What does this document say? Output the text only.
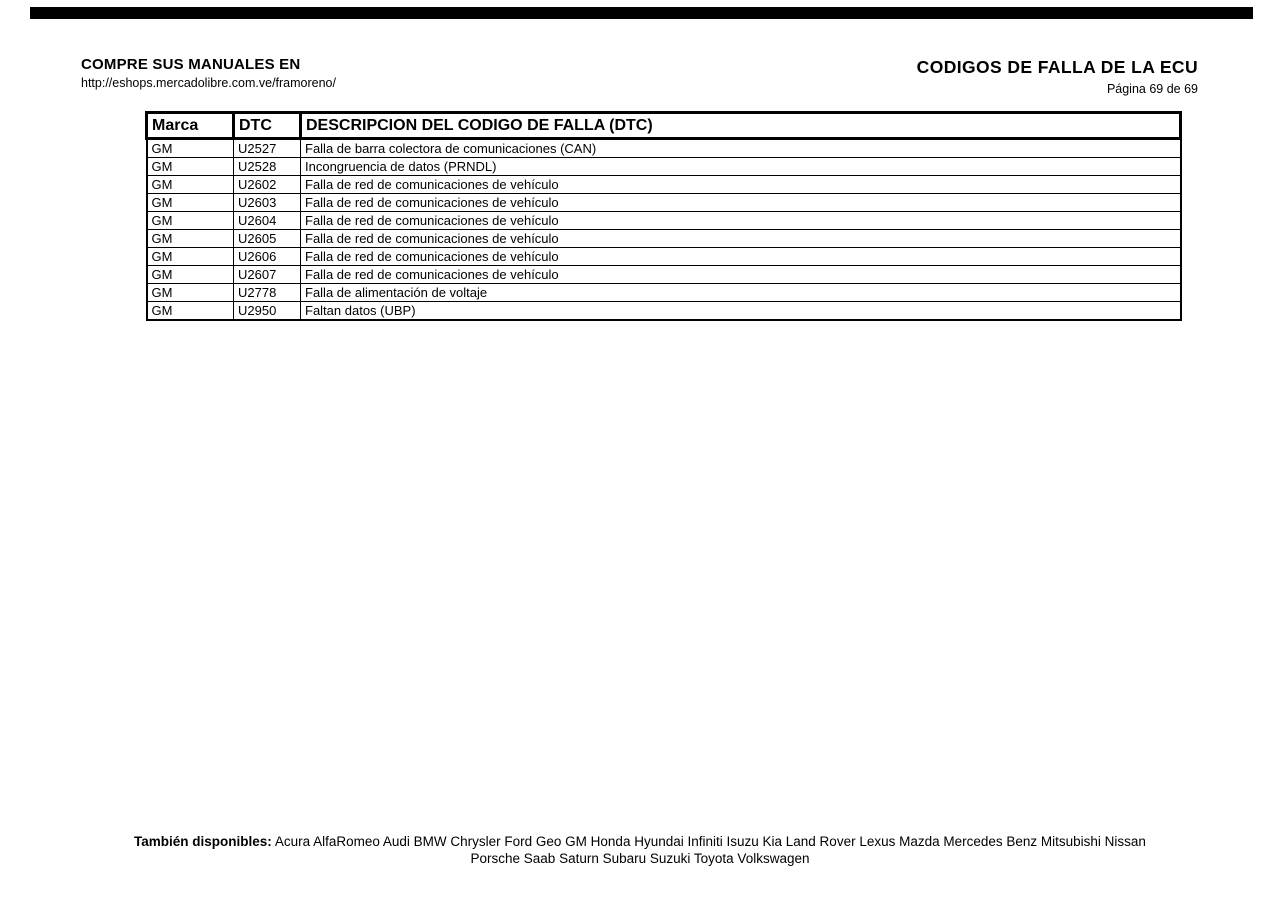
COMPRE SUS MANUALES EN
http://eshops.mercadolibre.com.ve/framoreno/
CODIGOS DE FALLA DE LA ECU
Página 69 de 69
Marca	DTC	DESCRIPCION DEL CODIGO DE FALLA (DTC)
GM	U2527	Falla de barra colectora de comunicaciones (CAN)
GM	U2528	Incongruencia de datos (PRNDL)
GM	U2602	Falla de red de comunicaciones de vehículo
GM	U2603	Falla de red de comunicaciones de vehículo
GM	U2604	Falla de red de comunicaciones de vehículo
GM	U2605	Falla de red de comunicaciones de vehículo
GM	U2606	Falla de red de comunicaciones de vehículo
GM	U2607	Falla de red de comunicaciones de vehículo
GM	U2778	Falla de alimentación de voltaje
GM	U2950	Faltan datos (UBP)
También disponibles: Acura AlfaRomeo Audi BMW Chrysler Ford Geo GM Honda Hyundai Infiniti Isuzu Kia Land Rover Lexus Mazda Mercedes Benz Mitsubishi Nissan
Porsche Saab Saturn Subaru Suzuki Toyota Volkswagen
